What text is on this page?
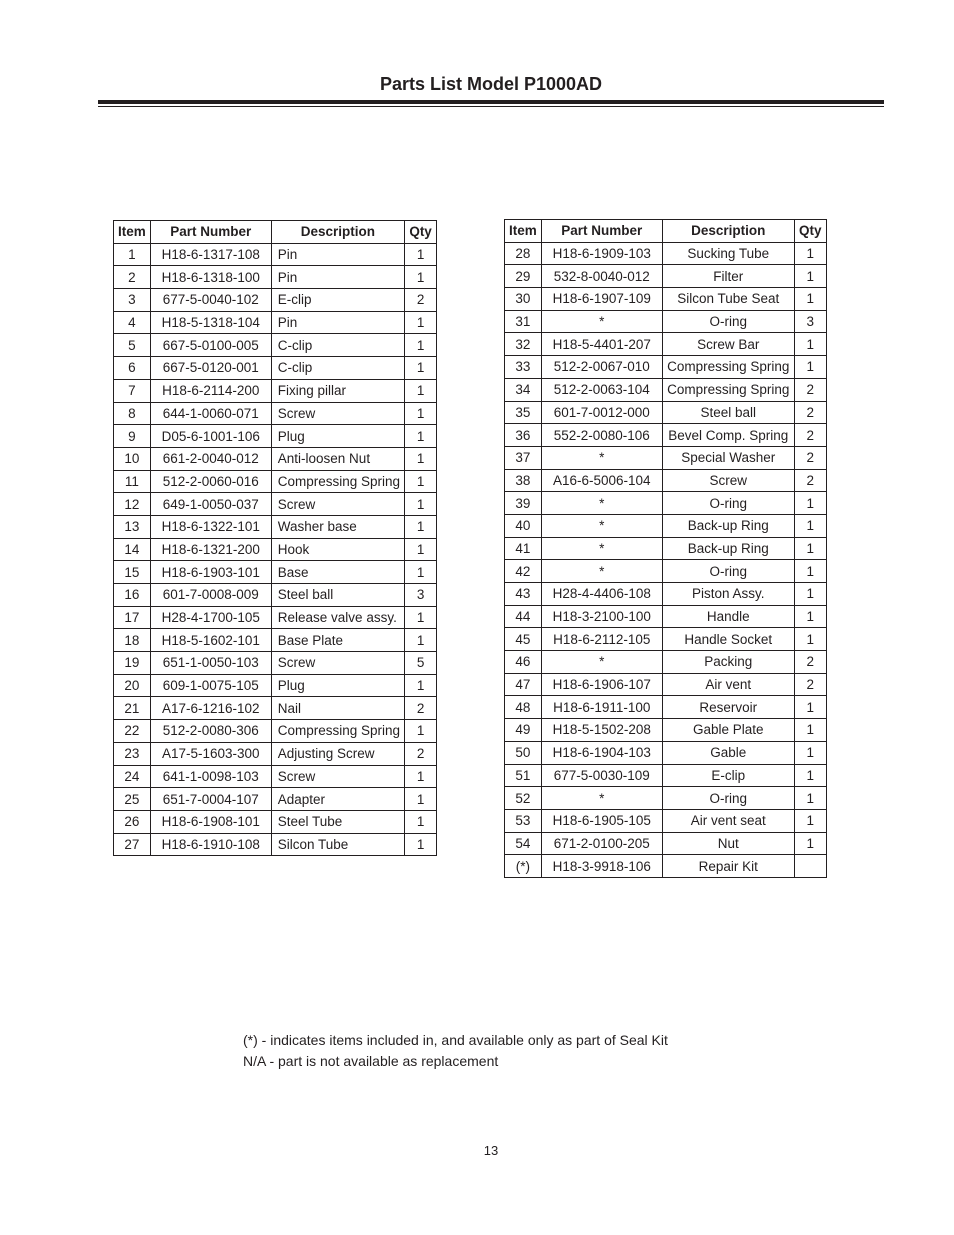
Parts List Model P1000AD
Item	Part Number	Description	Qty
1	H18-6-1317-108	Pin	1
2	H18-6-1318-100	Pin	1
3	677-5-0040-102	E-clip	2
4	H18-5-1318-104	Pin	1
5	667-5-0100-005	C-clip	1
6	667-5-0120-001	C-clip	1
7	H18-6-2114-200	Fixing pillar	1
8	644-1-0060-071	Screw	1
9	D05-6-1001-106	Plug	1
10	661-2-0040-012	Anti-loosen Nut	1
11	512-2-0060-016	Compressing Spring	1
12	649-1-0050-037	Screw	1
13	H18-6-1322-101	Washer base	1
14	H18-6-1321-200	Hook	1
15	H18-6-1903-101	Base	1
16	601-7-0008-009	Steel ball	3
17	H28-4-1700-105	Release valve assy.	1
18	H18-5-1602-101	Base Plate	1
19	651-1-0050-103	Screw	5
20	609-1-0075-105	Plug	1
21	A17-6-1216-102	Nail	2
22	512-2-0080-306	Compressing Spring	1
23	A17-5-1603-300	Adjusting Screw	2
24	641-1-0098-103	Screw	1
25	651-7-0004-107	Adapter	1
26	H18-6-1908-101	Steel Tube	1
27	H18-6-1910-108	Silcon Tube	1
Item	Part Number	Description	Qty
28	H18-6-1909-103	Sucking Tube	1
29	532-8-0040-012	Filter	1
30	H18-6-1907-109	Silcon Tube Seat	1
31	*	O-ring	3
32	H18-5-4401-207	Screw Bar	1
33	512-2-0067-010	Compressing Spring	1
34	512-2-0063-104	Compressing Spring	2
35	601-7-0012-000	Steel ball	2
36	552-2-0080-106	Bevel Comp. Spring	2
37	*	Special Washer	2
38	A16-6-5006-104	Screw	2
39	*	O-ring	1
40	*	Back-up Ring	1
41	*	Back-up Ring	1
42	*	O-ring	1
43	H28-4-4406-108	Piston Assy.	1
44	H18-3-2100-100	Handle	1
45	H18-6-2112-105	Handle Socket	1
46	*	Packing	2
47	H18-6-1906-107	Air vent	2
48	H18-6-1911-100	Reservoir	1
49	H18-5-1502-208	Gable Plate	1
50	H18-6-1904-103	Gable	1
51	677-5-0030-109	E-clip	1
52	*	O-ring	1
53	H18-6-1905-105	Air vent seat	1
54	671-2-0100-205	Nut	1
(*)	H18-3-9918-106	Repair Kit	
(*) - indicates items included in, and available only as part of Seal Kit
N/A - part is not available as replacement
13
